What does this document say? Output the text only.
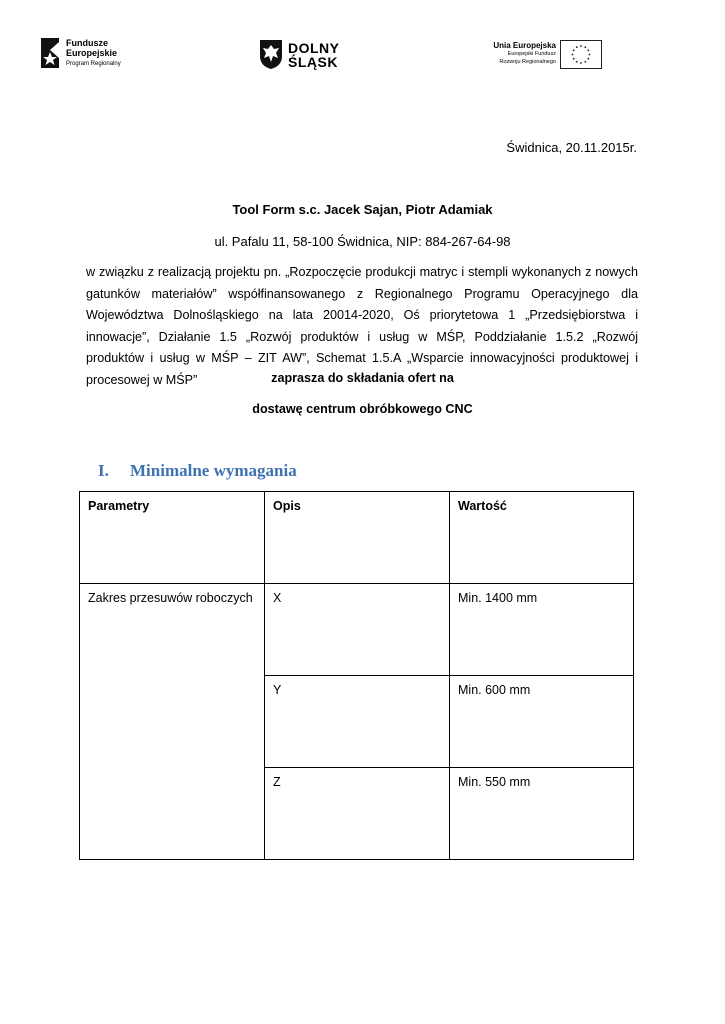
Fundusze
Europejskie
Program Regionalny
DOLNY
ŚLĄSK
Unia Europejska
Europejski Fundusz
Rozwoju Regionalnego
Świdnica, 20.11.2015r.
Tool Form s.c. Jacek Sajan, Piotr Adamiak
ul. Pafalu 11, 58-100 Świdnica, NIP: 884-267-64-98

w związku z realizacją projektu pn. „Rozpoczęcie produkcji matryc i stempli wykonanych z nowych gatunków materiałów” współfinansowanego z Regionalnego Programu Operacyjnego dla Województwa Dolnośląskiego na lata 20014-2020, Oś priorytetowa 1 „Przedsiębiorstwa i innowacje”, Działanie 1.5 „Rozwój produktów i usług w MŚP, Poddziałanie 1.5.2 „Rozwój produktów i usług w MŚP – ZIT AW”, Schemat 1.5.A „Wsparcie innowacyjności produktowej i procesowej w MŚP”	zaprasza do składania ofert na
dostawę centrum obróbkowego CNC
I. Minimalne wymagania
Parametry	Opis	Wartość
Zakres przesuwów roboczych	X	Min. 1400 mm
	Y	Min. 600 mm
	Z	Min. 550 mm
